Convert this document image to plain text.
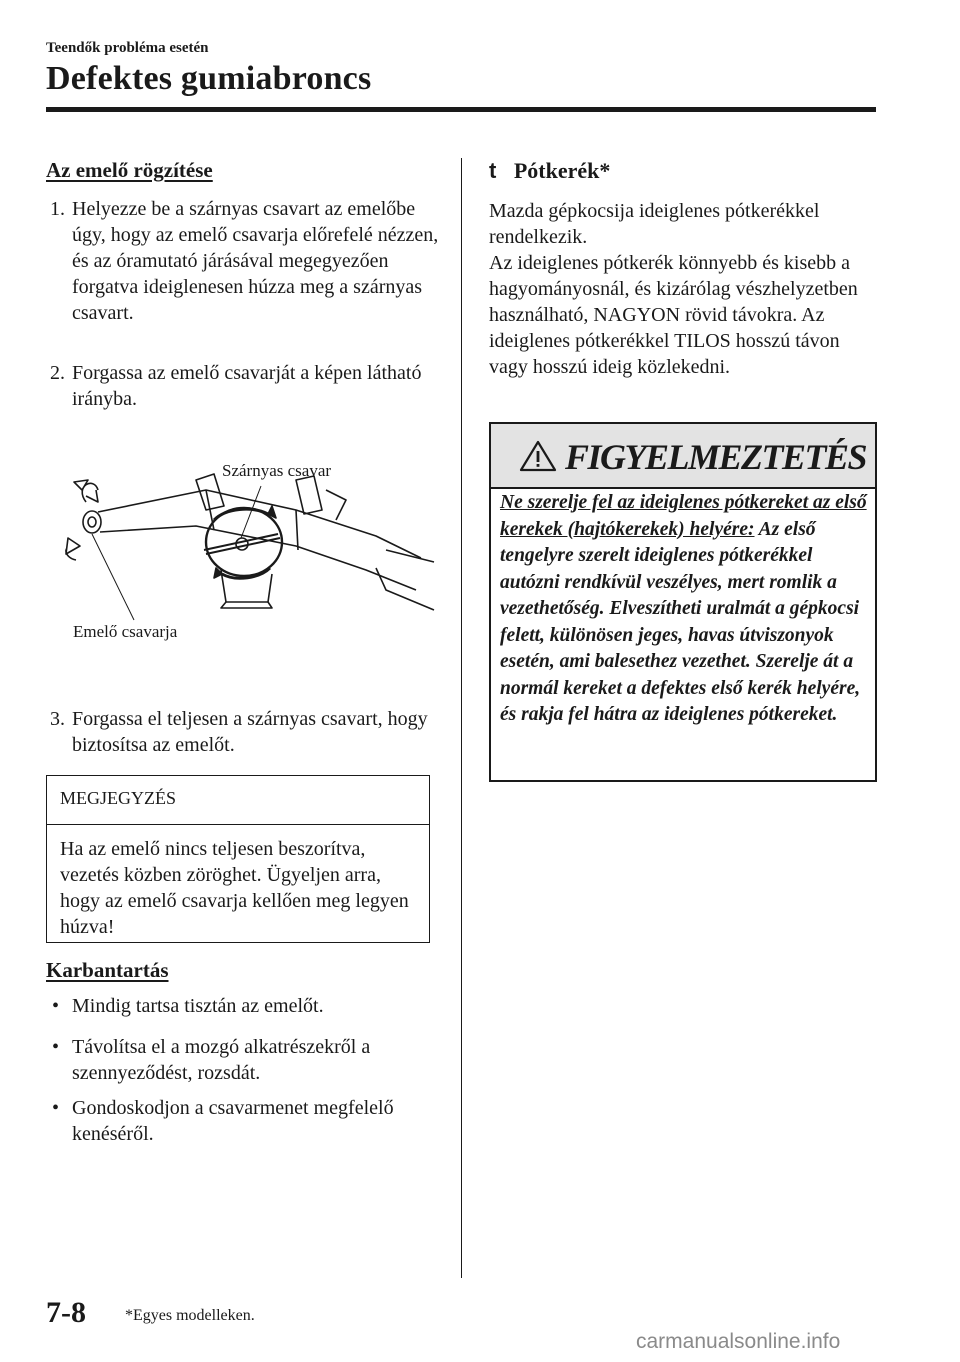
Teendők probléma esetén
Defektes gumiabroncs
Az emelő rögzítése
1. Helyezze be a szárnyas csavart az emelőbe úgy, hogy az emelő csavarja előrefelé nézzen, és az óramutató járásával megegyezően forgatva ideiglenesen húzza meg a szárnyas csavart.
2. Forgassa az emelő csavarját a képen látható irányba.
Szárnyas csavar
Emelő csavarja
3. Forgassa el teljesen a szárnyas csavart, hogy biztosítsa az emelőt.
MEGJEGYZÉS
Ha az emelő nincs teljesen beszorítva, vezetés közben zöröghet. Ügyeljen arra, hogy az emelő csavarja kellően meg legyen húzva!
Karbantartás
• Mindig tartsa tisztán az emelőt.
• Távolítsa el a mozgó alkatrészekről a szennyeződést, rozsdát.
• Gondoskodjon a csavarmenet megfelelő kenéséről.
t Pótkerék*
Mazda gépkocsija ideiglenes pótkerékkel rendelkezik.
Az ideiglenes pótkerék könnyebb és kisebb a hagyományosnál, és kizárólag vészhelyzetben használható, NAGYON rövid távokra. Az ideiglenes pótkerékkel TILOS hosszú távon vagy hosszú ideig közlekedni.
FIGYELMEZTETÉS
Ne szerelje fel az ideiglenes pótkereket az első kerekek (hajtókerekek) helyére: Az első tengelyre szerelt ideiglenes pótkerékkel autózni rendkívül veszélyes, mert romlik a vezethetőség. Elveszítheti uralmát a gépkocsi felett, különösen jeges, havas útviszonyok esetén, ami balesethez vezethet. Szerelje át a normál kereket a defektes első kerék helyére, és rakja fel hátra az ideiglenes pótkereket.
7-8 *Egyes modelleken.
carmanualsonline.info
